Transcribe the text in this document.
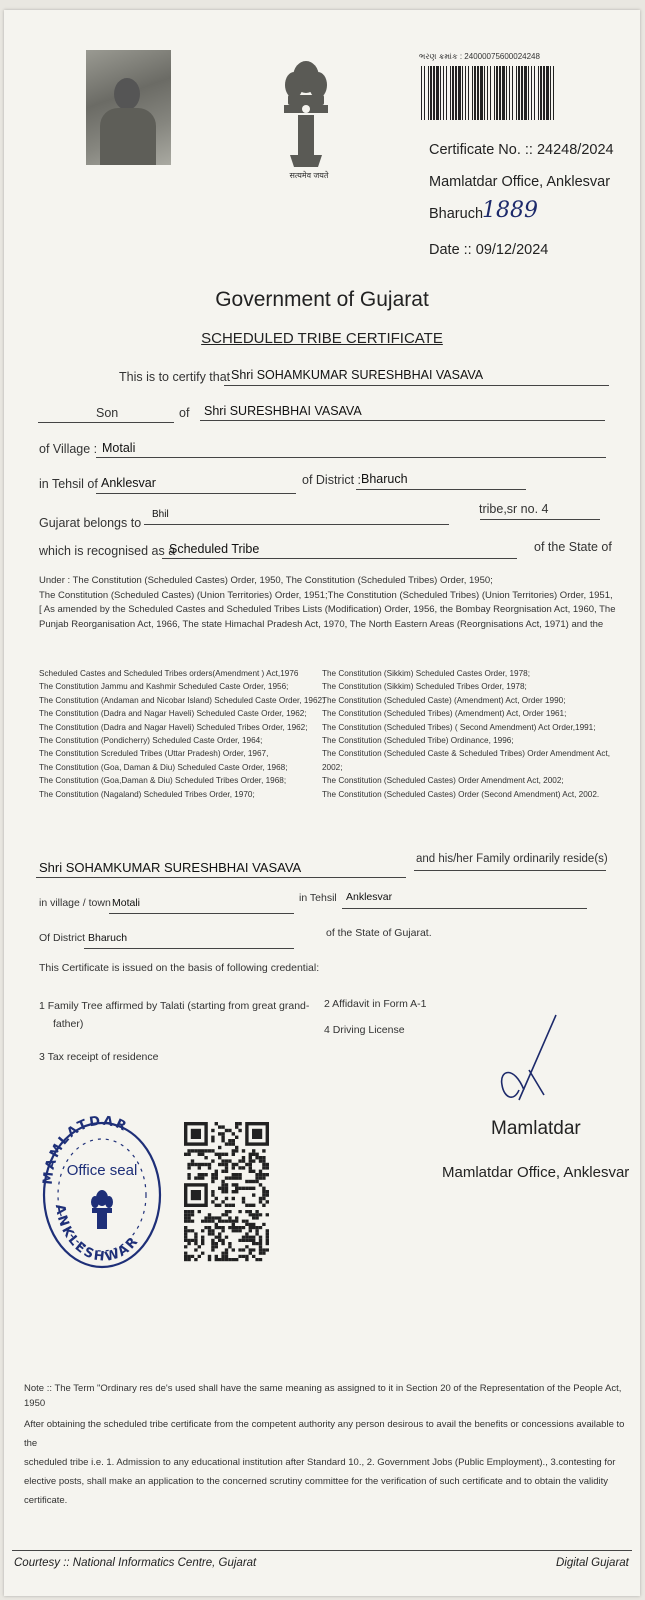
सत्यमेव जयते
ભરણ ક્રમાંક : 24000075600024248
Certificate No. :: 24248/2024
Mamlatdar Office, Anklesvar
Bharuch
1889
Date :: 09/12/2024
Government of Gujarat
SCHEDULED TRIBE CERTIFICATE
This is to certify that Shri SOHAMKUMAR SURESHBHAI VASAVA
Son	of Shri SURESHBHAI VASAVA
of Village : Motali
in Tehsil of Anklesvar	of District : Bharuch
Gujarat belongs to
Bhil	tribe,sr no. 4
which is recognised as a
Scheduled Tribe	of the State of
Under : The Constitution (Scheduled Castes) Order, 1950, The Constitution (Scheduled Tribes) Order, 1950;
The Constitution (Scheduled Castes) (Union Territories) Order, 1951;The Constitution (Scheduled Tribes) (Union Territories) Order, 1951,
[ As amended by the Scheduled Castes and Scheduled Tribes Lists (Modification) Order, 1956, the Bombay Reorgnisation Act, 1960, The
Punjab Reorganisation Act, 1966, The state Himachal Pradesh Act, 1970, The North Eastern Areas (Reorgnisations Act, 1971) and the
Scheduled Castes and Scheduled Tribes orders(Amendment ) Act,1976
The Constitution Jammu and Kashmir Scheduled Caste Order, 1956;
The Constitution (Andaman and Nicobar Island) Scheduled Caste Order, 1962;
The Constitution (Dadra and Nagar Haveli) Scheduled Caste Order, 1962;
The Constitution (Dadra and Nagar Haveli) Scheduled Tribes Order, 1962;
The Constitution (Pondicherry) Scheduled Caste Order, 1964;
The Constitution Screduled Tribes (Uttar Pradesh) Order, 1967,
The Constitution (Goa, Daman & Diu) Scheduled Caste Order, 1968;
The Constitution (Goa,Daman & Diu) Scheduled Tribes Order, 1968;
The Constitution (Nagaland) Scheduled Tribes Order, 1970;
The Constitution (Sikkim) Scheduled Castes Order, 1978;
The Constitution (Sikkim) Scheduled Tribes Order, 1978;
The Constitution (Scheduled Caste) (Amendment) Act, Order 1990;
The Constitution (Scheduled Tribes) (Amendment) Act, Order 1961;
The Constitution (Scheduled Tribes) ( Second Amendment) Act Order,1991;
The Constitution (Scheduled Tribe) Ordinance, 1996;
The Constitution (Scheduled Caste & Scheduled Tribes) Order Amendment Act,
2002;
The Constitution (Scheduled Castes) Order Amendment Act, 2002;
The Constitution (Scheduled Castes) Order (Second Amendment) Act, 2002.
Shri SOHAMKUMAR SURESHBHAI VASAVA
and his/her Family ordinarily reside(s)
in village / town Motali	in Tehsil Anklesvar
Of District Bharuch	of the State of Gujarat.
This Certificate is issued on the basis of following credential:
1 Family Tree affirmed by Talati (starting from great grand-
father)
2 Affidavit in Form A-1
3 Tax receipt of residence
4 Driving License
Mamlatdar
Mamlatdar Office, Anklesvar
MAMLATDAR
ANKLESHWAR
Office seal
Note :: The Term "Ordinary res de's used shall have the same meaning as assigned to it in Section 20 of the Representation of the People Act, 1950
After obtaining the scheduled tribe certificate from the competent authority any person desirous to avail the benefits or concessions available to the
scheduled tribe i.e. 1. Admission to any educational institution after Standard 10., 2. Government Jobs (Public Employment)., 3.contesting for
elective posts, shall make an application to the concerned scrutiny committee for the verification of such certificate and to obtain the validity
certificate.
Courtesy :: National Informatics Centre, Gujarat	Digital Gujarat
